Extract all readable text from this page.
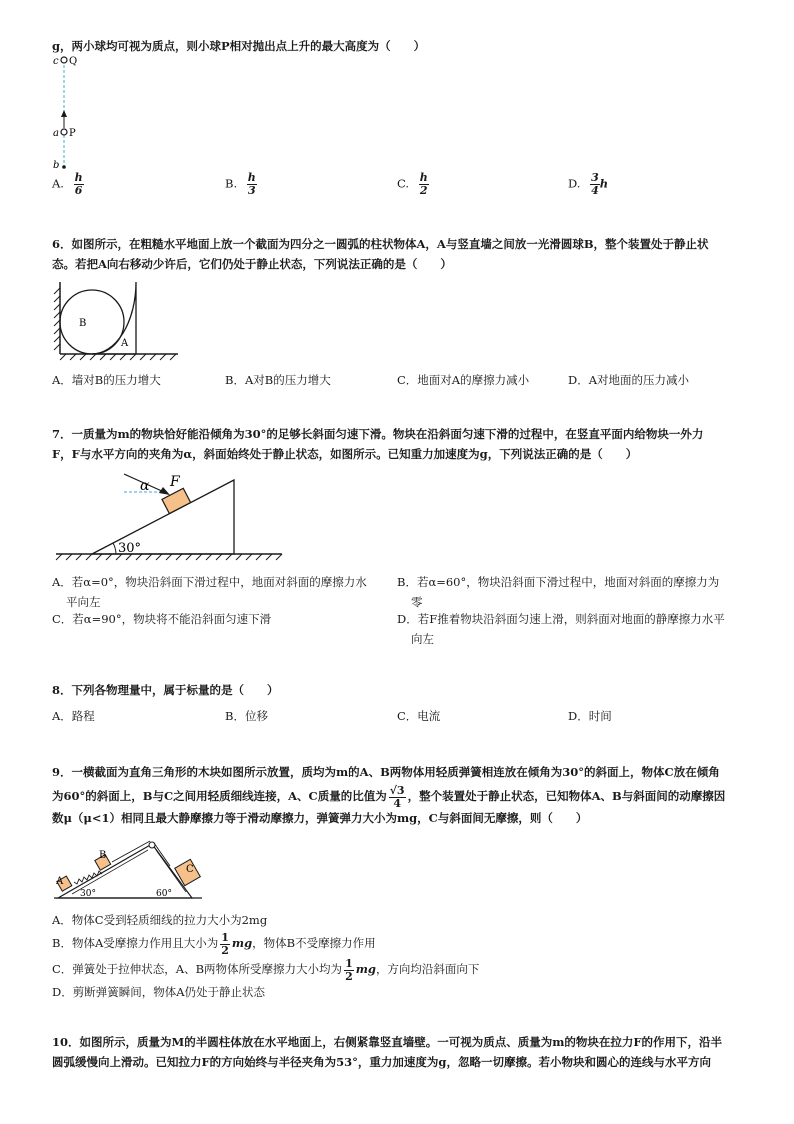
g，两小球均可视为质点，则小球P相对抛出点上升的最大高度为（　　）
c Q
a P
b
A. $\frac{h}{6}$	B. $\frac{h}{3}$	C. $\frac{h}{2}$	D. $\frac{3}{4}$ h
6．如图所示，在粗糙水平地面上放一个截面为四分之一圆弧的柱状物体A，A与竖直墙之间放一光滑圆球B，整个装置处于静止状
态。若把A向右移动少许后，它们仍处于静止状态，下列说法正确的是（　　）
B
A
A．墙对B的压力增大	B．A对B的压力增大	C．地面对A的摩擦力减小	D．A对地面的压力减小
7．一质量为m的物块恰好能沿倾角为30°的足够长斜面匀速下滑。物块在沿斜面匀速下滑的过程中，在竖直平面内给物块一外力
F，F与水平方向的夹角为α，斜面始终处于静止状态，如图所示。已知重力加速度为g，下列说法正确的是（　　）
α F
30°
A．若α=0°，物块沿斜面下滑过程中，地面对斜面的摩擦力水
平向左
B．若α=60°，物块沿斜面下滑过程中，地面对斜面的摩擦力为
零
C．若α=90°，物块将不能沿斜面匀速下滑	D．若F推着物块沿斜面匀速上滑，则斜面对地面的静摩擦力水平
向左
8．下列各物理量中，属于标量的是（　　）
A．路程	B．位移	C．电流	D．时间
9．一横截面为直角三角形的木块如图所示放置，质均为m的A、B两物体用轻质弹簧相连放在倾角为30°的斜面上，物体C放在倾角
为60°的斜面上，B与C之间用轻质细线连接，A、C质量的比值为 $\frac{√3}{4}$ ，整个装置处于静止状态，已知物体A、B与斜面间的动摩擦因
数μ（μ<1）相同且最大静摩擦力等于滑动摩擦力，弹簧弹力大小为mg，C与斜面间无摩擦，则（　　）
A
B
C
30°	60°
A．物体C受到轻质细线的拉力大小为2mg
B．物体A受摩擦力作用且大小为 $\frac{1}{2}$ mg，物体B不受摩擦力作用
C．弹簧处于拉伸状态，A、B两物体所受摩擦力大小均为 $\frac{1}{2}$ mg，方向均沿斜面向下
D．剪断弹簧瞬间，物体A仍处于静止状态
10．如图所示，质量为M的半圆柱体放在水平地面上，右侧紧靠竖直墙壁。一可视为质点、质量为m的物块在拉力F的作用下，沿半
圆弧缓慢向上滑动。已知拉力F的方向始终与半径夹角为53°，重力加速度为g，忽略一切摩擦。若小物块和圆心的连线与水平方向
